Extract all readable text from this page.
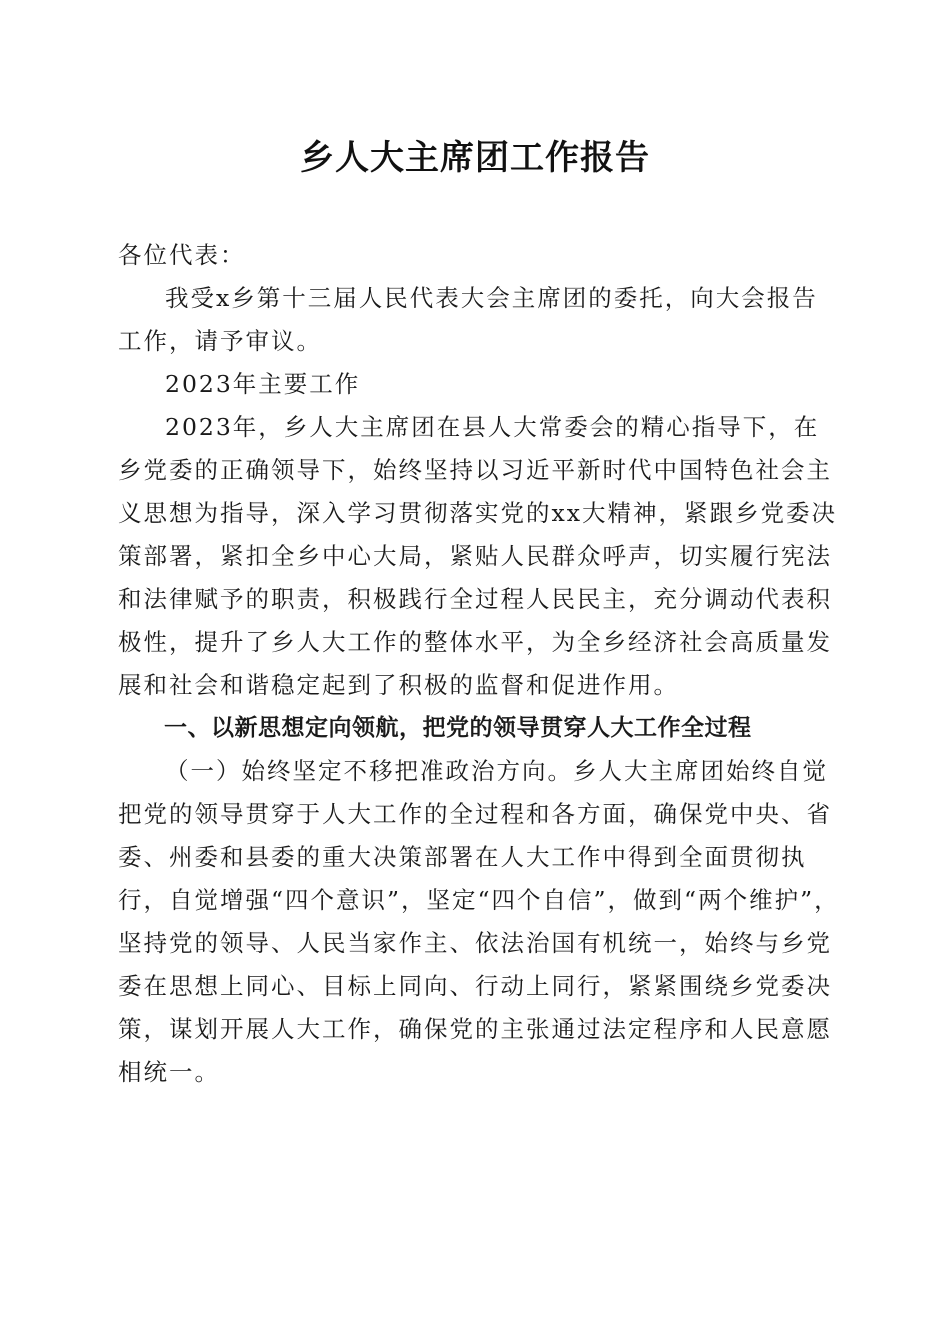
乡人大主席团工作报告

各位代表：

我受x乡第十三届人民代表大会主席团的委托，向大会报告工作，请予审议。

2023年主要工作

2023年，乡人大主席团在县人大常委会的精心指导下，在乡党委的正确领导下，始终坚持以习近平新时代中国特色社会主义思想为指导，深入学习贯彻落实党的xx大精神，紧跟乡党委决策部署，紧扣全乡中心大局，紧贴人民群众呼声，切实履行宪法和法律赋予的职责，积极践行全过程人民民主，充分调动代表积极性，提升了乡人大工作的整体水平，为全乡经济社会高质量发展和社会和谐稳定起到了积极的监督和促进作用。

一、以新思想定向领航，把党的领导贯穿人大工作全过程

（一）始终坚定不移把准政治方向。乡人大主席团始终自觉把党的领导贯穿于人大工作的全过程和各方面，确保党中央、省委、州委和县委的重大决策部署在人大工作中得到全面贯彻执行，自觉增强“四个意识”，坚定“四个自信”，做到“两个维护”，坚持党的领导、人民当家作主、依法治国有机统一，始终与乡党委在思想上同心、目标上同向、行动上同行，紧紧围绕乡党委决策，谋划开展人大工作，确保党的主张通过法定程序和人民意愿相统一。
